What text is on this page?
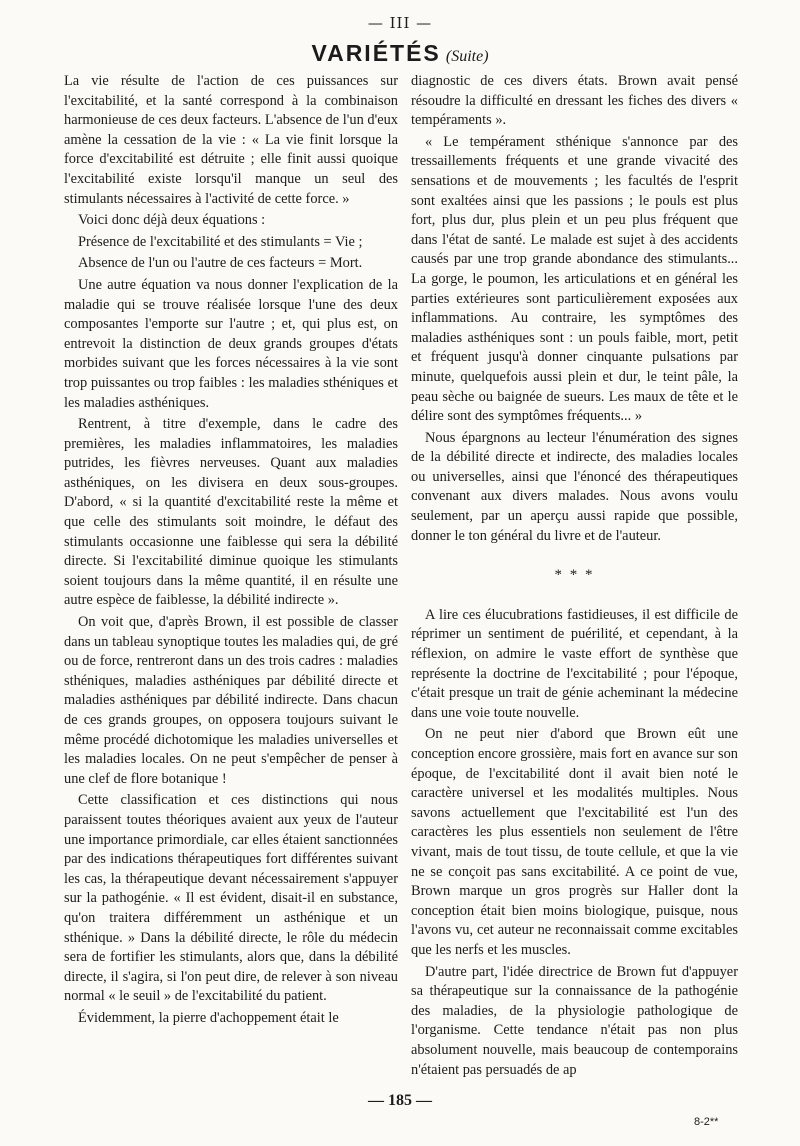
— III —
VARIÉTÉS (Suite)

La vie résulte de l'action de ces puissances sur l'excitabilité, et la santé correspond à la combinaison harmonieuse de ces deux facteurs. L'absence de l'un d'eux amène la cessation de la vie : « La vie finit lorsque la force d'excitabilité est détruite ; elle finit aussi quoique l'excitabilité existe lorsqu'il manque un seul des stimulants nécessaires à l'activité de cette force. »

Voici donc déjà deux équations :

Présence de l'excitabilité et des stimulants = Vie ;

Absence de l'un ou l'autre de ces facteurs = Mort.

Une autre équation va nous donner l'explication de la maladie qui se trouve réalisée lorsque l'une des deux composantes l'emporte sur l'autre ; et, qui plus est, on entrevoit la distinction de deux grands groupes d'états morbides suivant que les forces nécessaires à la vie sont trop puissantes ou trop faibles : les maladies sthéniques et les maladies asthéniques.

Rentrent, à titre d'exemple, dans le cadre des premières, les maladies inflammatoires, les maladies putrides, les fièvres nerveuses. Quant aux maladies asthéniques, on les divisera en deux sous-groupes. D'abord, « si la quantité d'excitabilité reste la même et que celle des stimulants soit moindre, le défaut des stimulants occasionne une faiblesse qui sera la débilité directe. Si l'excitabilité diminue quoique les stimulants soient toujours dans la même quantité, il en résulte une autre espèce de faiblesse, la débilité indirecte ».

On voit que, d'après Brown, il est possible de classer dans un tableau synoptique toutes les maladies qui, de gré ou de force, rentreront dans un des trois cadres : maladies sthéniques, maladies asthéniques par débilité directe et maladies asthéniques par débilité indirecte. Dans chacun de ces grands groupes, on opposera toujours suivant le même procédé dichotomique les maladies universelles et les maladies locales. On ne peut s'empêcher de penser à une clef de flore botanique !

Cette classification et ces distinctions qui nous paraissent toutes théoriques avaient aux yeux de l'auteur une importance primordiale, car elles étaient sanctionnées par des indications thérapeutiques fort différentes suivant les cas, la thérapeutique devant nécessairement s'appuyer sur la pathogénie. « Il est évident, disait-il en substance, qu'on traitera différemment un asthénique et un sthénique. » Dans la débilité directe, le rôle du médecin sera de fortifier les stimulants, alors que, dans la débilité directe, il s'agira, si l'on peut dire, de relever à son niveau normal « le seuil » de l'excitabilité du patient.

Évidemment, la pierre d'achoppement était le

diagnostic de ces divers états. Brown avait pensé résoudre la difficulté en dressant les fiches des divers « tempéraments ».

« Le tempérament sthénique s'annonce par des tressaillements fréquents et une grande vivacité des sensations et de mouvements ; les facultés de l'esprit sont exaltées ainsi que les passions ; le pouls est plus fort, plus dur, plus plein et un peu plus fréquent que dans l'état de santé. Le malade est sujet à des accidents causés par une trop grande abondance des stimulants... La gorge, le poumon, les articulations et en général les parties extérieures sont particulièrement exposées aux inflammations. Au contraire, les symptômes des maladies asthéniques sont : un pouls faible, mort, petit et fréquent jusqu'à donner cinquante pulsations par minute, quelquefois aussi plein et dur, le teint pâle, la peau sèche ou baignée de sueurs. Les maux de tête et le délire sont des symptômes fréquents... »

Nous épargnons au lecteur l'énumération des signes de la débilité directe et indirecte, des maladies locales ou universelles, ainsi que l'énoncé des thérapeutiques convenant aux divers malades. Nous avons voulu seulement, par un aperçu aussi rapide que possible, donner le ton général du livre et de l'auteur.

* * *

A lire ces élucubrations fastidieuses, il est difficile de réprimer un sentiment de puérilité, et cependant, à la réflexion, on admire le vaste effort de synthèse que représente la doctrine de l'excitabilité ; pour l'époque, c'était presque un trait de génie acheminant la médecine dans une voie toute nouvelle.

On ne peut nier d'abord que Brown eût une conception encore grossière, mais fort en avance sur son époque, de l'excitabilité dont il avait bien noté le caractère universel et les modalités multiples. Nous savons actuellement que l'excitabilité est l'un des caractères les plus essentiels non seulement de l'être vivant, mais de tout tissu, de toute cellule, et que la vie ne se conçoit pas sans excitabilité. A ce point de vue, Brown marque un gros progrès sur Haller dont la conception était bien moins biologique, puisque, nous l'avons vu, cet auteur ne reconnaissait comme excitables que les nerfs et les muscles.

D'autre part, l'idée directrice de Brown fut d'appuyer sa thérapeutique sur la connaissance de la pathogénie des maladies, de la physiologie pathologique de l'organisme. Cette tendance n'était pas non plus absolument nouvelle, mais beaucoup de contemporains n'étaient pas persuadés de ap

— 185 —
8-2**
